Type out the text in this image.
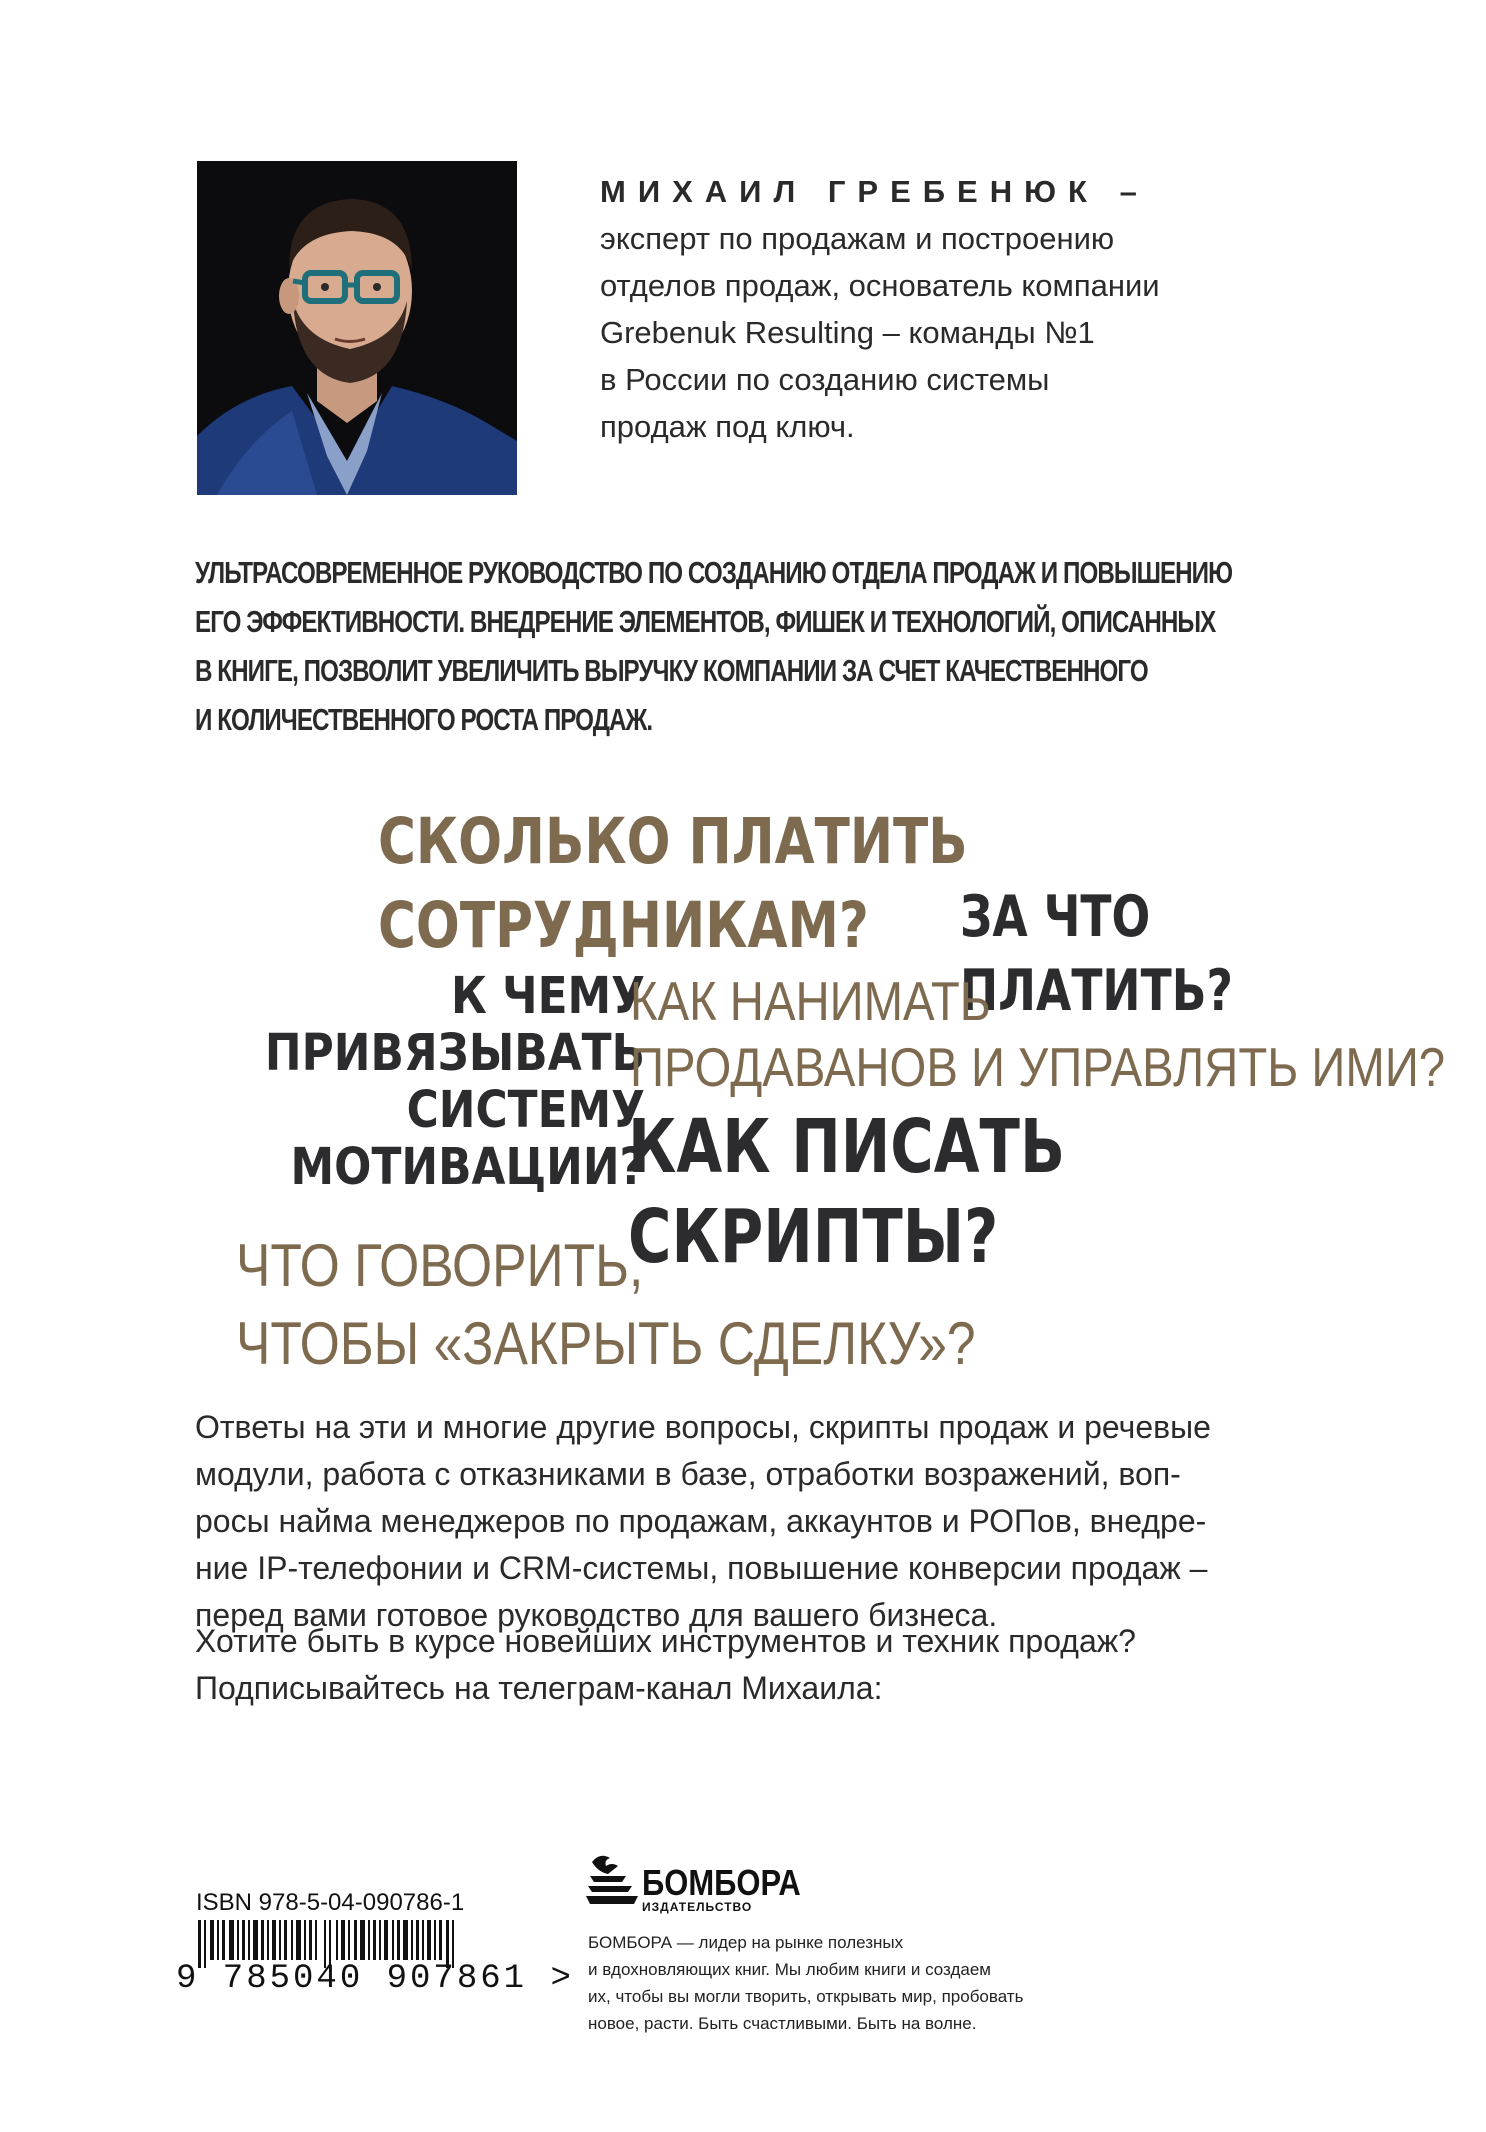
МИХАИЛ ГРЕБЕНЮК –
эксперт по продажам и построению
отделов продаж, основатель компании
Grebenuk Resulting – команды №1
в России по созданию системы
продаж под ключ.
УЛЬТРАСОВРЕМЕННОЕ РУКОВОДСТВО ПО СОЗДАНИЮ ОТДЕЛА ПРОДАЖ И ПОВЫШЕНИЮ
ЕГО ЭФФЕКТИВНОСТИ. ВНЕДРЕНИЕ ЭЛЕМЕНТОВ, ФИШЕК И ТЕХНОЛОГИЙ, ОПИСАННЫХ
В КНИГЕ, ПОЗВОЛИТ УВЕЛИЧИТЬ ВЫРУЧКУ КОМПАНИИ ЗА СЧЕТ КАЧЕСТВЕННОГО
И КОЛИЧЕСТВЕННОГО РОСТА ПРОДАЖ.
СКОЛЬКО ПЛАТИТЬ
СОТРУДНИКАМ?	ЗА ЧТО
ПЛАТИТЬ?
К ЧЕМУ
ПРИВЯЗЫВАТЬ
СИСТЕМУ
МОТИВАЦИИ?
КАК НАНИМАТЬ
ПРОДАВАНОВ И УПРАВЛЯТЬ ИМИ?
КАК ПИСАТЬ
СКРИПТЫ?
ЧТО ГОВОРИТЬ,
ЧТОБЫ «ЗАКРЫТЬ СДЕЛКУ»?
Ответы на эти и многие другие вопросы, скрипты продаж и речевые
модули, работа с отказниками в базе, отработки возражений, воп-
росы найма менеджеров по продажам, аккаунтов и РОПов, внедре-
ние IP-телефонии и CRM-системы, повышение конверсии продаж –
перед вами готовое руководство для вашего бизнеса.
Хотите быть в курсе новейших инструментов и техник продаж?
Подписывайтесь на телеграм-канал Михаила:
ISBN 978-5-04-090786-1
9 785040 907861 >
БОМБОРА
ИЗДАТЕЛЬСТВО
БОМБОРА — лидер на рынке полезных
и вдохновляющих книг. Мы любим книги и создаем
их, чтобы вы могли творить, открывать мир, пробовать
новое, расти. Быть счастливыми. Быть на волне.
